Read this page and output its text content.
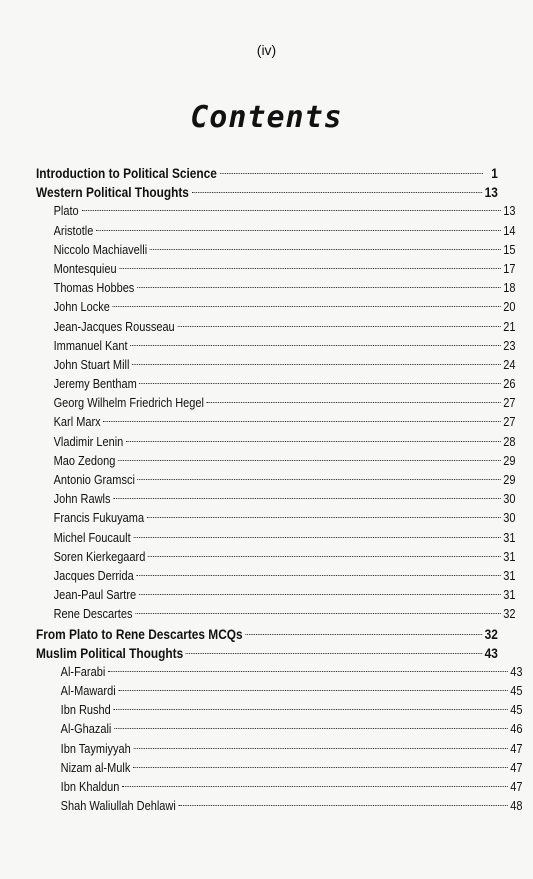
(iv)
Contents
Introduction to Political Science	1
Western Political Thoughts	13
Plato	13
Aristotle	14
Niccolo Machiavelli	15
Montesquieu	17
Thomas Hobbes	18
John Locke	20
Jean-Jacques Rousseau	21
Immanuel Kant	23
John Stuart Mill	24
Jeremy Bentham	26
Georg Wilhelm Friedrich Hegel	27
Karl Marx	27
Vladimir Lenin	28
Mao Zedong	29
Antonio Gramsci	29
John Rawls	30
Francis Fukuyama	30
Michel Foucault	31
Soren Kierkegaard	31
Jacques Derrida	31
Jean-Paul Sartre	31
Rene Descartes	32
From Plato to Rene Descartes MCQs	32
Muslim Political Thoughts	43
Al-Farabi	43
Al-Mawardi	45
Ibn Rushd	45
Al-Ghazali	46
Ibn Taymiyyah	47
Nizam al-Mulk	47
Ibn Khaldun	47
Shah Waliullah Dehlawi	48
